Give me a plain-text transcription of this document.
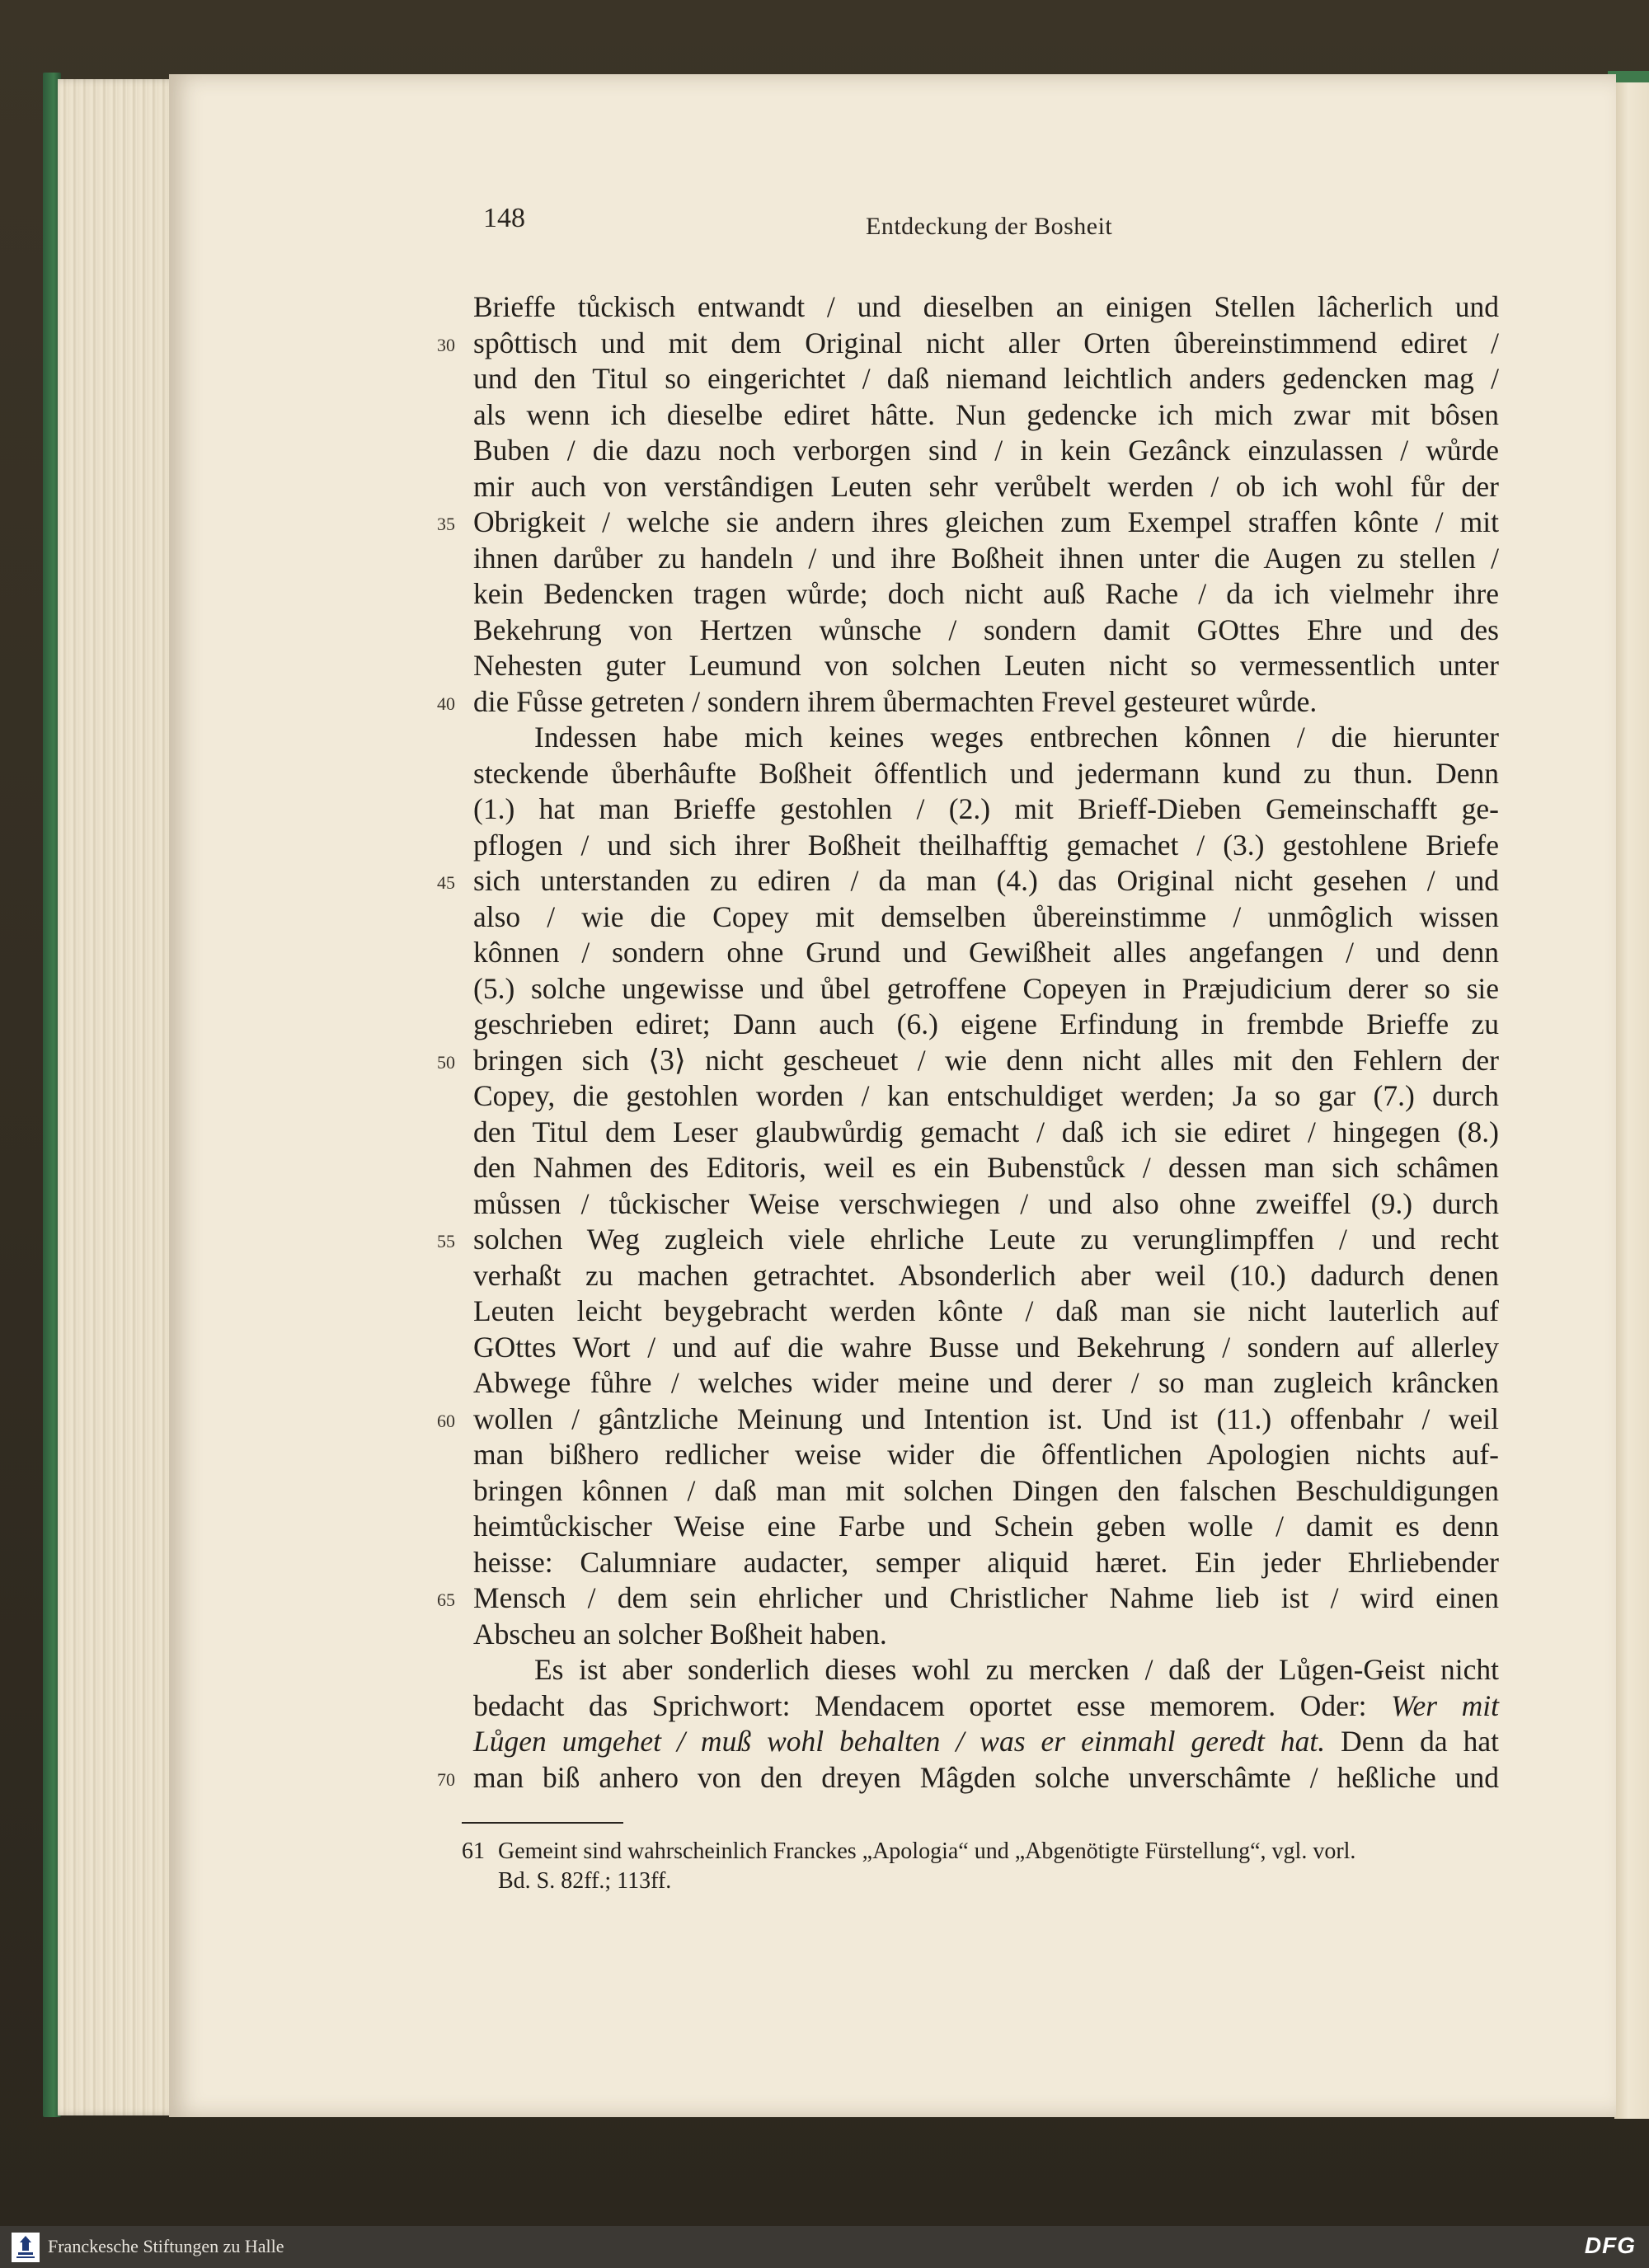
148	Entdeckung der Bosheit
Brieffe tůckisch entwandt / und dieselben an einigen Stellen lâcherlich und
spôttisch und mit dem Original nicht aller Orten ûbereinstimmend ediret /
30
und den Titul so eingerichtet / daß niemand leichtlich anders gedencken mag /
als wenn ich dieselbe ediret hâtte. Nun gedencke ich mich zwar mit bôsen
Buben / die dazu noch verborgen sind / in kein Gezânck einzulassen / wůrde
mir auch von verstândigen Leuten sehr verůbelt werden / ob ich wohl fůr der
Obrigkeit / welche sie andern ihres gleichen zum Exempel straffen kônte / mit
35
ihnen darůber zu handeln / und ihre Boßheit ihnen unter die Augen zu stellen /
kein Bedencken tragen wůrde; doch nicht auß Rache / da ich vielmehr ihre
Bekehrung von Hertzen wůnsche / sondern damit GOttes Ehre und des
Nehesten guter Leumund von solchen Leuten nicht so vermessentlich unter
die Fůsse getreten / sondern ihrem ůbermachten Frevel gesteuret wůrde.
40
Indessen habe mich keines weges entbrechen kônnen / die hierunter
steckende ůberhâufte Boßheit ôffentlich und jedermann kund zu thun. Denn
(1.) hat man Brieffe gestohlen / (2.) mit Brieff-Dieben Gemeinschafft ge-
pflogen / und sich ihrer Boßheit theilhafftig gemachet / (3.) gestohlene Briefe
sich unterstanden zu ediren / da man (4.) das Original nicht gesehen / und
45
also / wie die Copey mit demselben ůbereinstimme / unmôglich wissen
kônnen / sondern ohne Grund und Gewißheit alles angefangen / und denn
(5.) solche ungewisse und ůbel getroffene Copeyen in Præjudicium derer so sie
geschrieben ediret; Dann auch (6.) eigene Erfindung in frembde Brieffe zu
bringen sich ⟨3⟩ nicht gescheuet / wie denn nicht alles mit den Fehlern der
50
Copey, die gestohlen worden / kan entschuldiget werden; Ja so gar (7.) durch
den Titul dem Leser glaubwůrdig gemacht / daß ich sie ediret / hingegen (8.)
den Nahmen des Editoris, weil es ein Bubenstůck / dessen man sich schâmen
můssen / tůckischer Weise verschwiegen / und also ohne zweiffel (9.) durch
solchen Weg zugleich viele ehrliche Leute zu verunglimpffen / und recht
55
verhaßt zu machen getrachtet. Absonderlich aber weil (10.) dadurch denen
Leuten leicht beygebracht werden kônte / daß man sie nicht lauterlich auf
GOttes Wort / und auf die wahre Busse und Bekehrung / sondern auf allerley
Abwege fůhre / welches wider meine und derer / so man zugleich krâncken
wollen / gântzliche Meinung und Intention ist. Und ist (11.) offenbahr / weil
60
man bißhero redlicher weise wider die ôffentlichen Apologien nichts auf-
bringen kônnen / daß man mit solchen Dingen den falschen Beschuldigungen
heimtůckischer Weise eine Farbe und Schein geben wolle / damit es denn
heisse: Calumniare audacter, semper aliquid hæret. Ein jeder Ehrliebender
Mensch / dem sein ehrlicher und Christlicher Nahme lieb ist / wird einen
65
Abscheu an solcher Boßheit haben.
Es ist aber sonderlich dieses wohl zu mercken / daß der Lůgen-Geist nicht
bedacht das Sprichwort: Mendacem oportet esse memorem. Oder: Wer mit
Lůgen umgehet / muß wohl behalten / was er einmahl geredt hat. Denn da hat
man biß anhero von den dreyen Mâgden solche unverschâmte / heßliche und
70
61 Gemeint sind wahrscheinlich Franckes „Apologia“ und „Abgenötigte Fürstellung“, vgl. vorl.
Bd. S. 82ff.; 113ff.
Franckesche Stiftungen zu Halle	DFG
